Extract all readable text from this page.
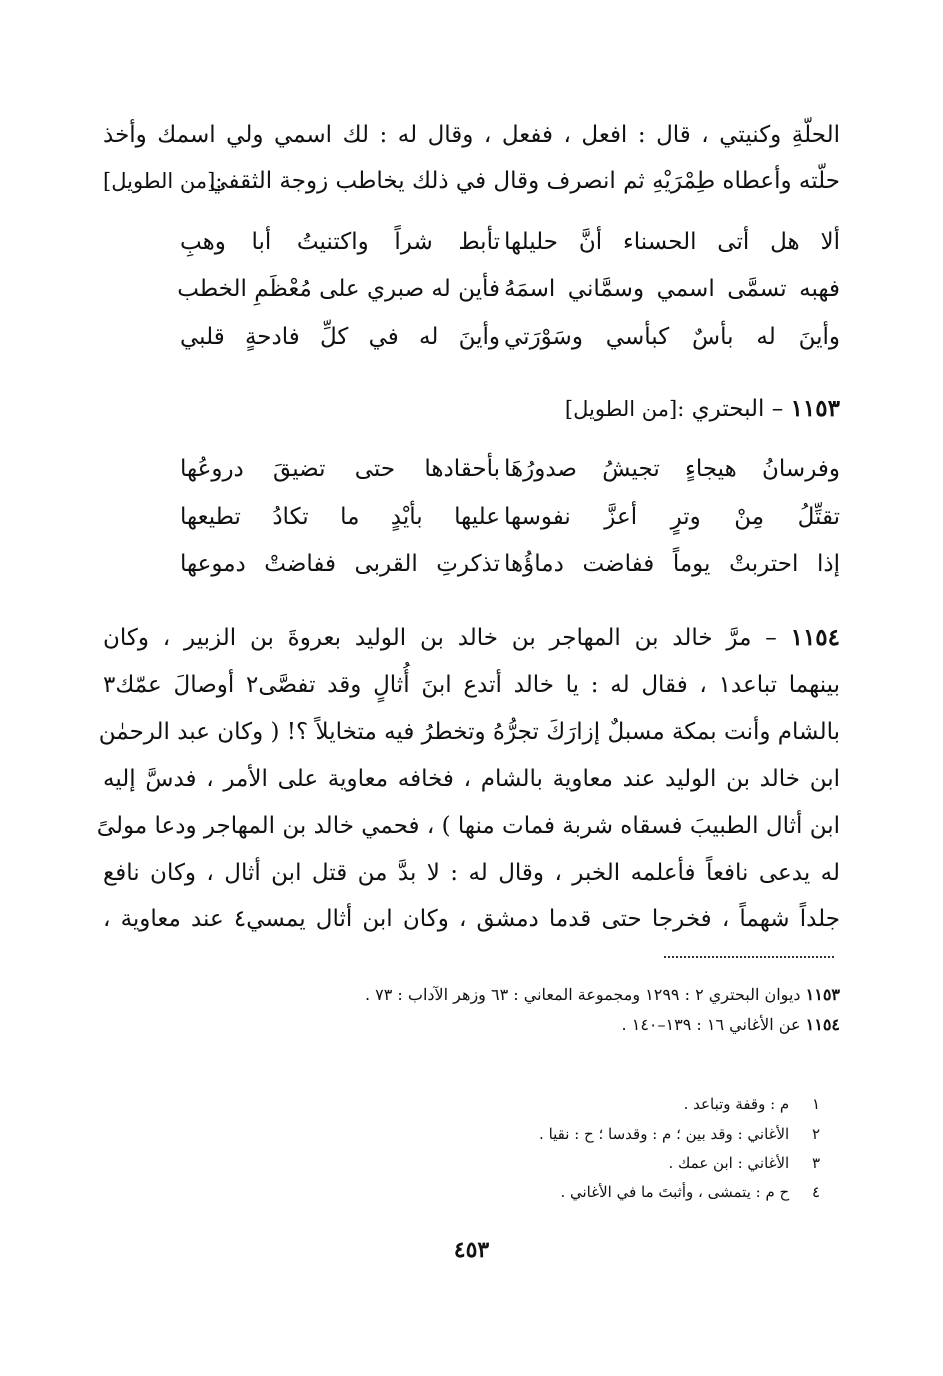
الحلّةِ وكنيتي ، قال : افعل ، ففعل ، وقال له : لك اسمي ولي اسمك وأخذ
حلّته وأعطاه طِمْرَيْهِ ثم انصرف وقال في ذلك يخاطب زوجة الثقفي
:[من الطويل]
ألا هل أتى الحسناء أنَّ حليلها
تأبط شراً واكتنيتُ أبا وهبِ
فهبه تسمَّى اسمي وسمَّاني اسمَهُ
فأين له صبري على مُعْظَمِ الخطب
وأينَ له بأسٌ كبأسي وسَوْرَتي
وأينَ له في كلِّ فادحةٍ قلبي
١١٥٣ – البحتري :[من الطويل]
وفرسانُ هيجاءٍ تجيشُ صدورُهَا
بأحقادها حتى تضيقَ دروعُها
تقتِّلُ مِنْ وترٍ أعزَّ نفوسها
عليها بأيْدٍ ما تكادُ تطيعها
إذا احتربتْ يوماً ففاضت دماؤُها
تذكرتِ القربى ففاضتْ دموعها
١١٥٤ – مرَّ خالد بن المهاجر بن خالد بن الوليد بعروةَ بن الزبير ، وكان
بينهما تباعد١ ، فقال له : يا خالد أتدع ابنَ أُثالٍ وقد تفصَّى٢ أوصالَ عمّك٣
بالشام وأنت بمكة مسبلٌ إزارَكَ تجرُّهُ وتخطرُ فيه متخايلاً ؟! ( وكان عبد الرحمٰن
ابن خالد بن الوليد عند معاوية بالشام ، فخافه معاوية على الأمر ، فدسَّ إليه
ابن أثال الطبيبَ فسقاه شربة فمات منها ) ، فحمي خالد بن المهاجر ودعا مولىً
له يدعى نافعاً فأعلمه الخبر ، وقال له : لا بدَّ من قتل ابن أثال ، وكان نافع
جلداً شهماً ، فخرجا حتى قدما دمشق ، وكان ابن أثال يمسي٤ عند معاوية ،
١١٥٣ ديوان البحتري ٢ : ١٢٩٩ ومجموعة المعاني : ٦٣ وزهر الآداب : ٧٣ .
١١٥٤ عن الأغاني ١٦ : ١٣٩–١٤٠ .
١ م : وقفة وتباعد .
٢ الأغاني : وقد بين ؛ م : وقدسا ؛ ح : نقيا .
٣ الأغاني : ابن عمك .
٤ ح م : يتمشى ، وأثبتَ ما في الأغاني .
٤٥٣
